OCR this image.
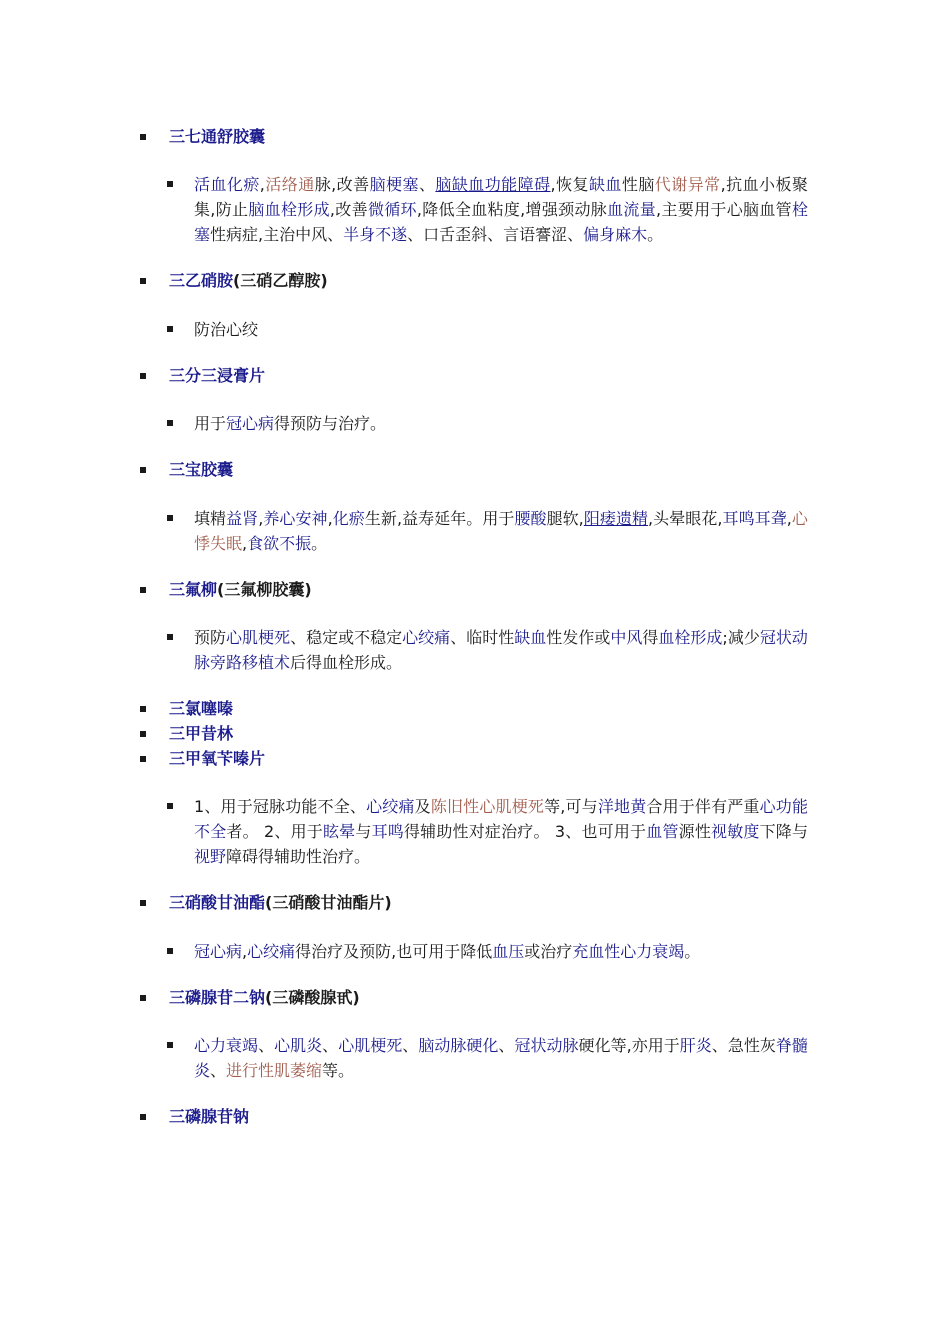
三七通舒胶囊
活血化瘀,活络通脉,改善脑梗塞、脑缺血功能障碍,恢复缺血性脑代谢异常,抗血小板聚集,防止脑血栓形成,改善微循环,降低全血粘度,增强颈动脉血流量,主要用于心脑血管栓塞性病症,主治中风、半身不遂、口舌歪斜、言语謇涩、偏身麻木。
三乙硝胺(三硝乙醇胺)
防治心绞
三分三浸膏片
用于冠心病得预防与治疗。
三宝胶囊
填精益肾,养心安神,化瘀生新,益寿延年。用于腰酸腿软,阳痿遗精,头晕眼花,耳鸣耳聋,心悸失眠,食欲不振。
三氟柳(三氟柳胶囊)
预防心肌梗死、稳定或不稳定心绞痛、临时性缺血性发作或中风得血栓形成;减少冠状动脉旁路移植术后得血栓形成。
三氯噻嗪
三甲昔林
三甲氧苄嗪片
1、用于冠脉功能不全、心绞痛及陈旧性心肌梗死等,可与洋地黄合用于伴有严重心功能不全者。 2、用于眩晕与耳鸣得辅助性对症治疗。 3、也可用于血管源性视敏度下降与视野障碍得辅助性治疗。
三硝酸甘油酯(三硝酸甘油酯片)
冠心病,心绞痛得治疗及预防,也可用于降低血压或治疗充血性心力衰竭。
三磷腺苷二钠(三磷酸腺甙)
心力衰竭、心肌炎、心肌梗死、脑动脉硬化、冠状动脉硬化等,亦用于肝炎、急性灰脊髓炎、进行性肌萎缩等。
三磷腺苷钠
